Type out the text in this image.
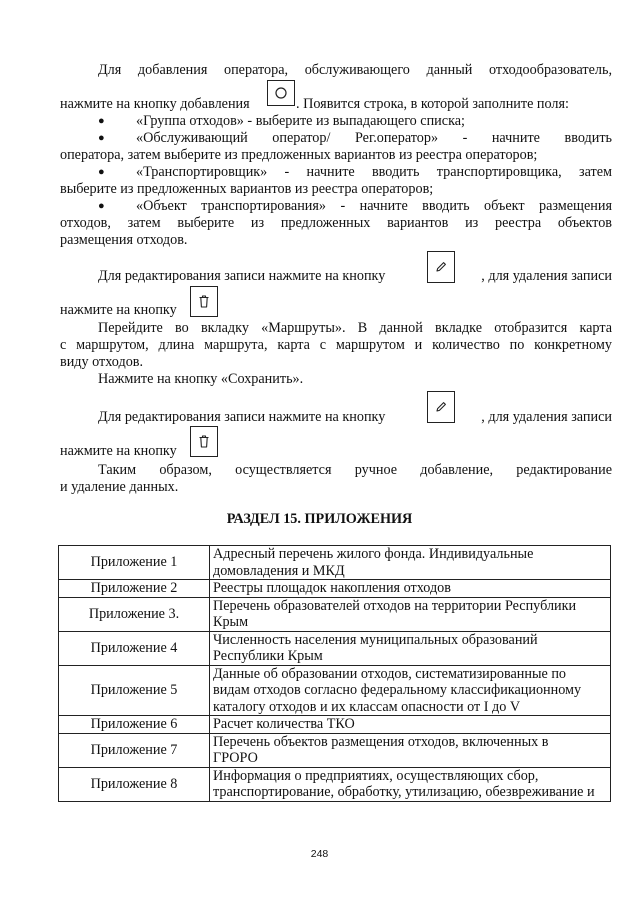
Для добавления оператора, обслуживающего данный отходообразователь,
нажмите на кнопку добавления	. Появится строка, в которой заполните поля:
● «Группа отходов» - выберите из выпадающего списка;
● «Обслуживающий оператор/ Рег.оператор» - начните вводить
оператора, затем выберите из предложенных вариантов из реестра операторов;
● «Транспортировщик» - начните вводить транспортировщика, затем
выберите из предложенных вариантов из реестра операторов;
● «Объект транспортирования» - начните вводить объект размещения
отходов, затем выберите из предложенных вариантов из реестра объектов
размещения отходов.
Для редактирования записи нажмите на кнопку	, для удаления записи
нажмите на кнопку
Перейдите во вкладку «Маршруты». В данной вкладке отобразится карта
с маршрутом, длина маршрута, карта с маршрутом и количество по конкретному
виду отходов.
Нажмите на кнопку «Сохранить».
Для редактирования записи нажмите на кнопку	, для удаления записи
нажмите на кнопку
Таким образом, осуществляется ручное добавление, редактирование
и удаление данных.
РАЗДЕЛ 15. ПРИЛОЖЕНИЯ
Приложение 1	Адресный перечень жилого фонда. Индивидуальные
домовладения и МКД

Приложение 2	Реестры площадок накопления отходов

Приложение 3.	Перечень образователей отходов на территории Республики
Крым

Приложение 4	Численность населения муниципальных образований
Республики Крым

Приложение 5	Данные об образовании отходов, систематизированные по
видам отходов согласно федеральному классификационному
каталогу отходов и их классам опасности от I до V

Приложение 6	Расчет количества ТКО

Приложение 7	Перечень объектов размещения отходов, включенных в
ГРОРО

Приложение 8	Информация о предприятиях, осуществляющих сбор,
транспортирование, обработку, утилизацию, обезвреживание и
248
